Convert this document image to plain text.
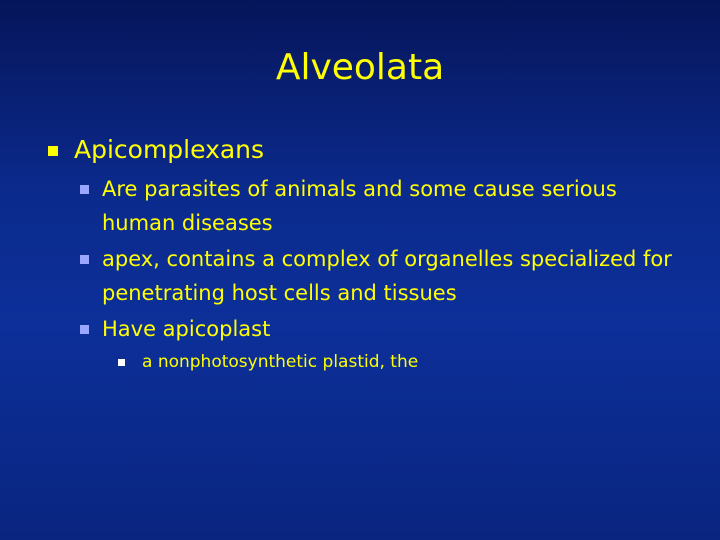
Alveolata
Apicomplexans
Are parasites of animals and some cause serious human diseases
apex, contains a complex of organelles specialized for penetrating host cells and tissues
Have apicoplast
a nonphotosynthetic plastid, the
